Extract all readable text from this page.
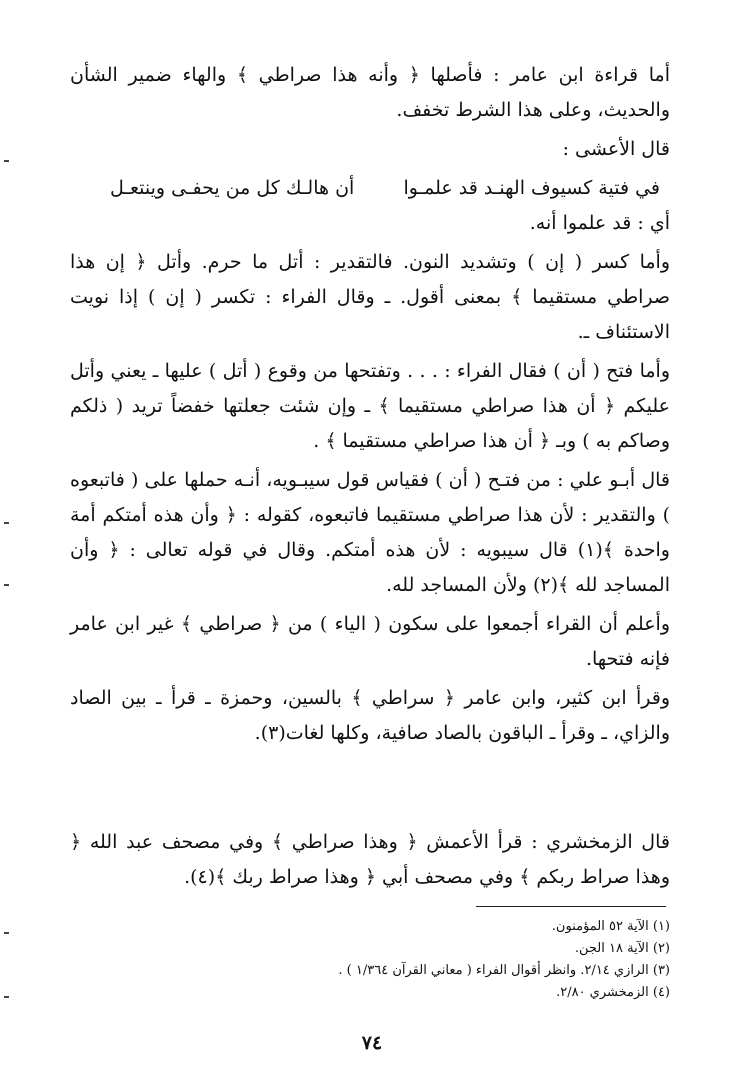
أما قراءة ابن عامر : فأصلها ﴿ وأنه هذا صراطي ﴾ والهاء ضمير الشأن والحديث، وعلى هذا الشرط تخفف.

قال الأعشى :

في فتية كسيوف الهنـد قد علمـوا
أن هالـك كل من يحفـى وينتعـل

أي : قد علموا أنه.

وأما كسر ( إن ) وتشديد النون. فالتقدير : أتل ما حرم. وأتل ﴿ إن هذا صراطي مستقيما ﴾ بمعنى أقول. ـ وقال الفراء : تكسر ( إن ) إذا نويت الاستئناف ـ.

وأما فتح ( أن ) فقال الفراء : . . . وتفتحها من وقوع ( أتل ) عليها ـ يعني وأتل عليكم ﴿ أن هذا صراطي مستقيما ﴾ ـ وإن شئت جعلتها خفضاً تريد ( ذلكم وصاكم به ) وبـ ﴿ أن هذا صراطي مستقيما ﴾ .

قال أبـو علي : من فتـح ( أن ) فقياس قول سيبـويه، أنـه حملها على ( فاتبعوه ) والتقدير : لأن هذا صراطي مستقيما فاتبعوه، كقوله : ﴿ وأن هذه أمتكم أمة واحدة ﴾(١) قال سيبويه : لأن هذه أمتكم. وقال في قوله تعالى : ﴿ وأن المساجد لله ﴾(٢) ولأن المساجد لله.

وأعلم أن القراء أجمعوا على سكون ( الياء ) من ﴿ صراطي ﴾ غير ابن عامر فإنه فتحها.

وقرأ ابن كثير، وابن عامر ﴿ سراطي ﴾ بالسين، وحمزة ـ قرأ ـ بين الصاد والزاي، ـ وقرأ ـ الباقون بالصاد صافية، وكلها لغات(٣).

قال الزمخشري : قرأ الأعمش ﴿ وهذا صراطي ﴾ وفي مصحف عبد الله ﴿ وهذا صراط ربكم ﴾ وفي مصحف أبي ﴿ وهذا صراط ربك ﴾(٤).

(١) الآية ٥٢ المؤمنون.
(٢) الآية ١٨ الجن.
(٣) الرازي ٢/١٤. وانظر أقوال الفراء ( معاني القرآن ١/٣٦٤ ) .
(٤) الزمخشري ٢/٨٠.
٧٤
